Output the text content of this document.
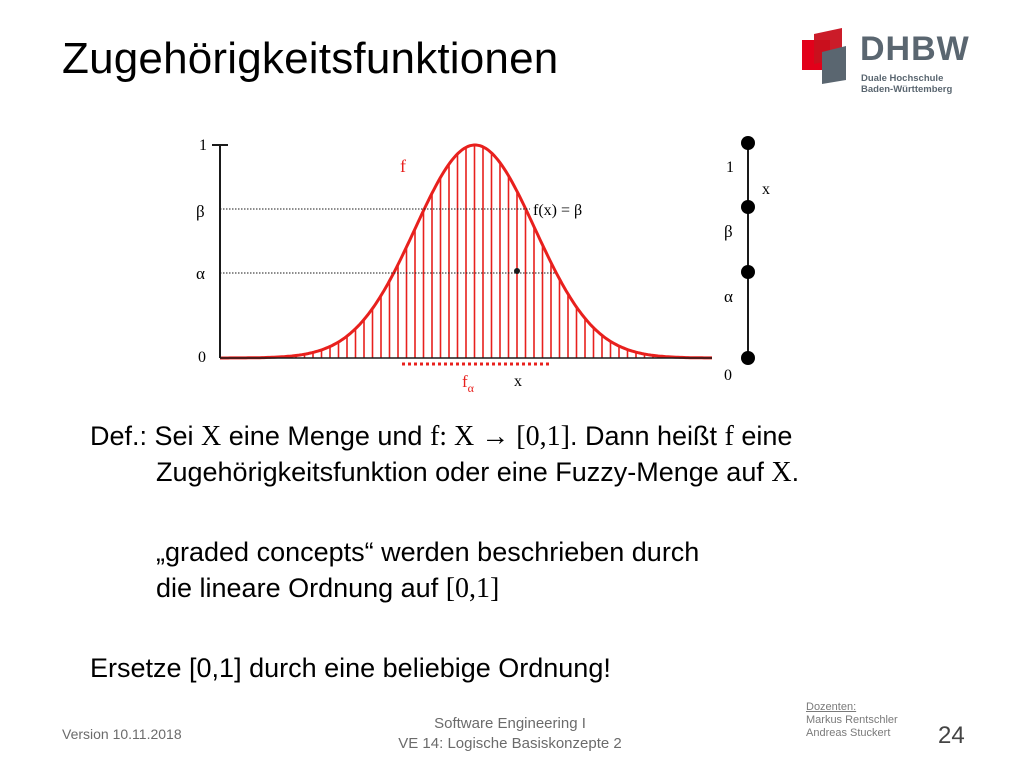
Zugehörigkeitsfunktionen	DHBW
Duale Hochschule
Baden-Württemberg
1
β
α
0
f
f(x) = β
$f_\alpha$	x
1
x
β
α
0
Def.: Sei X eine Menge und f: X → [0,1]. Dann heißt f eine
Zugehörigkeitsfunktion oder eine Fuzzy-Menge auf X.
„graded concepts“ werden beschrieben durch
die lineare Ordnung auf [0,1]
Ersetze [0,1] durch eine beliebige Ordnung!
Version 10.11.2018
Software Engineering I
VE 14: Logische Basiskonzepte 2
Dozenten:
Markus Rentschler
Andreas Stuckert	24
